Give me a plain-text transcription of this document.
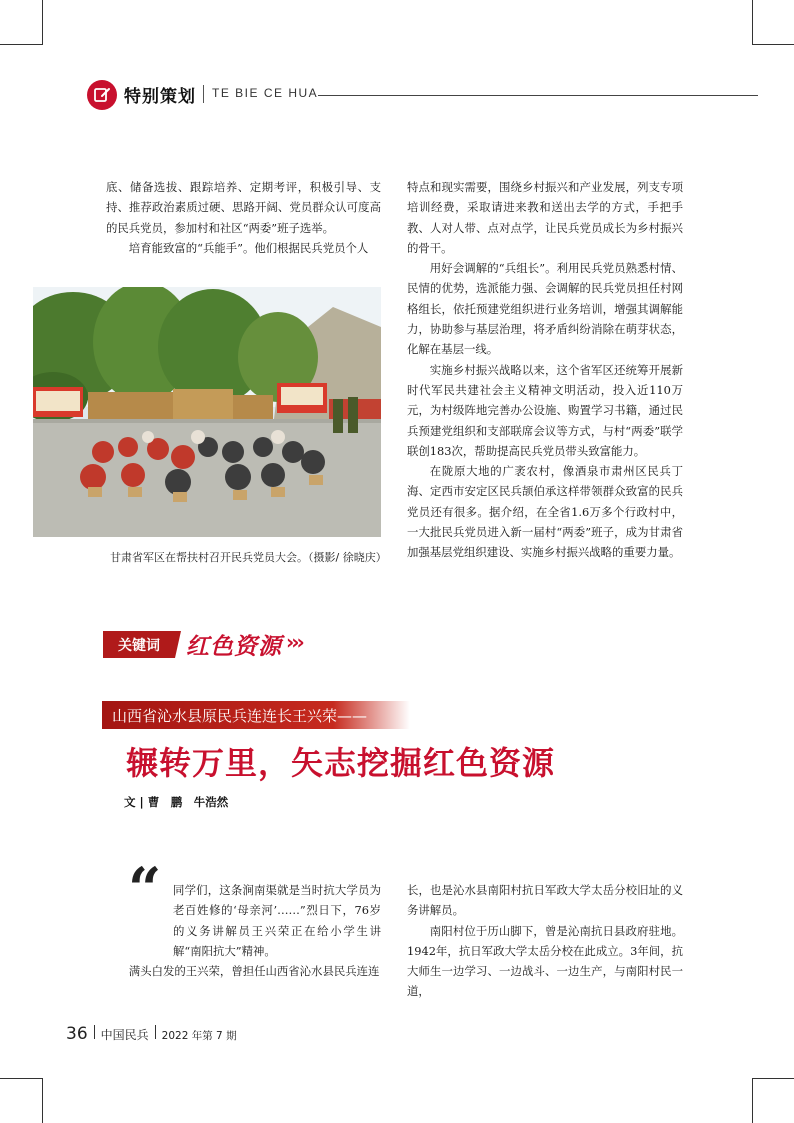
特别策划 TE BIE CE HUA

底、储备选拔、跟踪培养、定期考评，积极引导、支持、推荐政治素质过硬、思路开阔、党员群众认可度高的民兵党员，参加村和社区“两委”班子选举。

培育能致富的“兵能手”。他们根据民兵党员个人

甘肃省军区在帮扶村召开民兵党员大会。（摄影/ 徐晓庆）

特点和现实需要，围绕乡村振兴和产业发展，列支专项培训经费，采取请进来教和送出去学的方式，手把手教、人对人带、点对点学，让民兵党员成长为乡村振兴的骨干。

用好会调解的“兵组长”。利用民兵党员熟悉村情、民情的优势，选派能力强、会调解的民兵党员担任村网格组长，依托预建党组织进行业务培训，增强其调解能力，协助参与基层治理，将矛盾纠纷消除在萌芽状态，化解在基层一线。

实施乡村振兴战略以来，这个省军区还统筹开展新时代军民共建社会主义精神文明活动，投入近110万元，为村级阵地完善办公设施、购置学习书籍，通过民兵预建党组织和支部联席会议等方式，与村“两委”联学联创183次，帮助提高民兵党员带头致富能力。

在陇原大地的广袤农村，像酒泉市肃州区民兵丁海、定西市安定区民兵颉伯承这样带领群众致富的民兵党员还有很多。据介绍，在全省1.6万多个行政村中，一大批民兵党员进入新一届村“两委”班子，成为甘肃省加强基层党组织建设、实施乡村振兴战略的重要力量。

关键词	红色资源 ›››
山西省沁水县原民兵连连长王兴荣——
辗转万里，矢志挖掘红色资源
文 | 曹　鹏　牛浩然
“	同学们，这条涧南渠就是当时抗大学员为老百姓修的‘母亲河’……”烈日下，76岁的义务讲解员王兴荣正在给小学生讲解“南阳抗大”精神。

满头白发的王兴荣，曾担任山西省沁水县民兵连连

长，也是沁水县南阳村抗日军政大学太岳分校旧址的义务讲解员。

南阳村位于历山脚下，曾是沁南抗日县政府驻地。1942年，抗日军政大学太岳分校在此成立。3年间，抗大师生一边学习、一边战斗、一边生产，与南阳村民一道，

36 中国民兵 2022 年第 7 期
